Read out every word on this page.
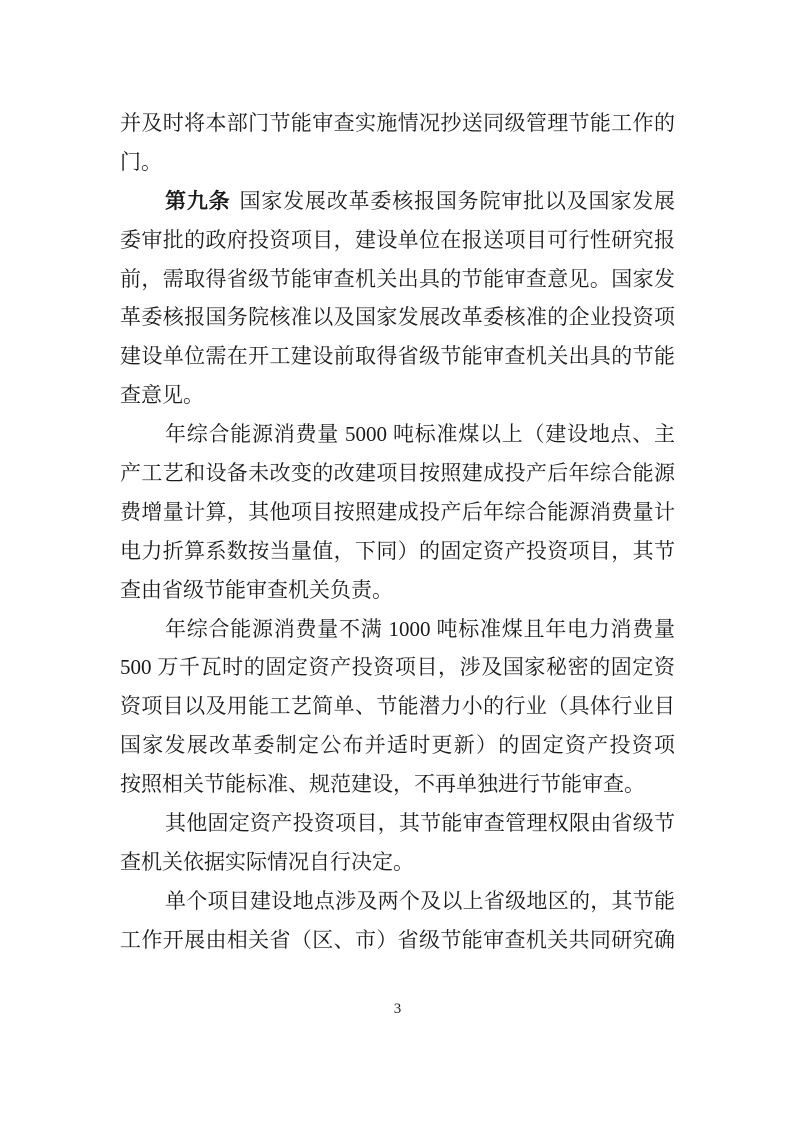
并及时将本部门节能审查实施情况抄送同级管理节能工作的

门。

第九条 国家发展改革委核报国务院审批以及国家发展

委审批的政府投资项目，建设单位在报送项目可行性研究报

前，需取得省级节能审查机关出具的节能审查意见。国家发

革委核报国务院核准以及国家发展改革委核准的企业投资项

建设单位需在开工建设前取得省级节能审查机关出具的节能

查意见。

年综合能源消费量 5000 吨标准煤以上（建设地点、主

产工艺和设备未改变的改建项目按照建成投产后年综合能源

费增量计算，其他项目按照建成投产后年综合能源消费量计

电力折算系数按当量值，下同）的固定资产投资项目，其节

查由省级节能审查机关负责。

年综合能源消费量不满 1000 吨标准煤且年电力消费量

500 万千瓦时的固定资产投资项目，涉及国家秘密的固定资

资项目以及用能工艺简单、节能潜力小的行业（具体行业目

国家发展改革委制定公布并适时更新）的固定资产投资项

按照相关节能标准、规范建设，不再单独进行节能审查。

其他固定资产投资项目，其节能审查管理权限由省级节

查机关依据实际情况自行决定。

单个项目建设地点涉及两个及以上省级地区的，其节能

工作开展由相关省（区、市）省级节能审查机关共同研究确

3
